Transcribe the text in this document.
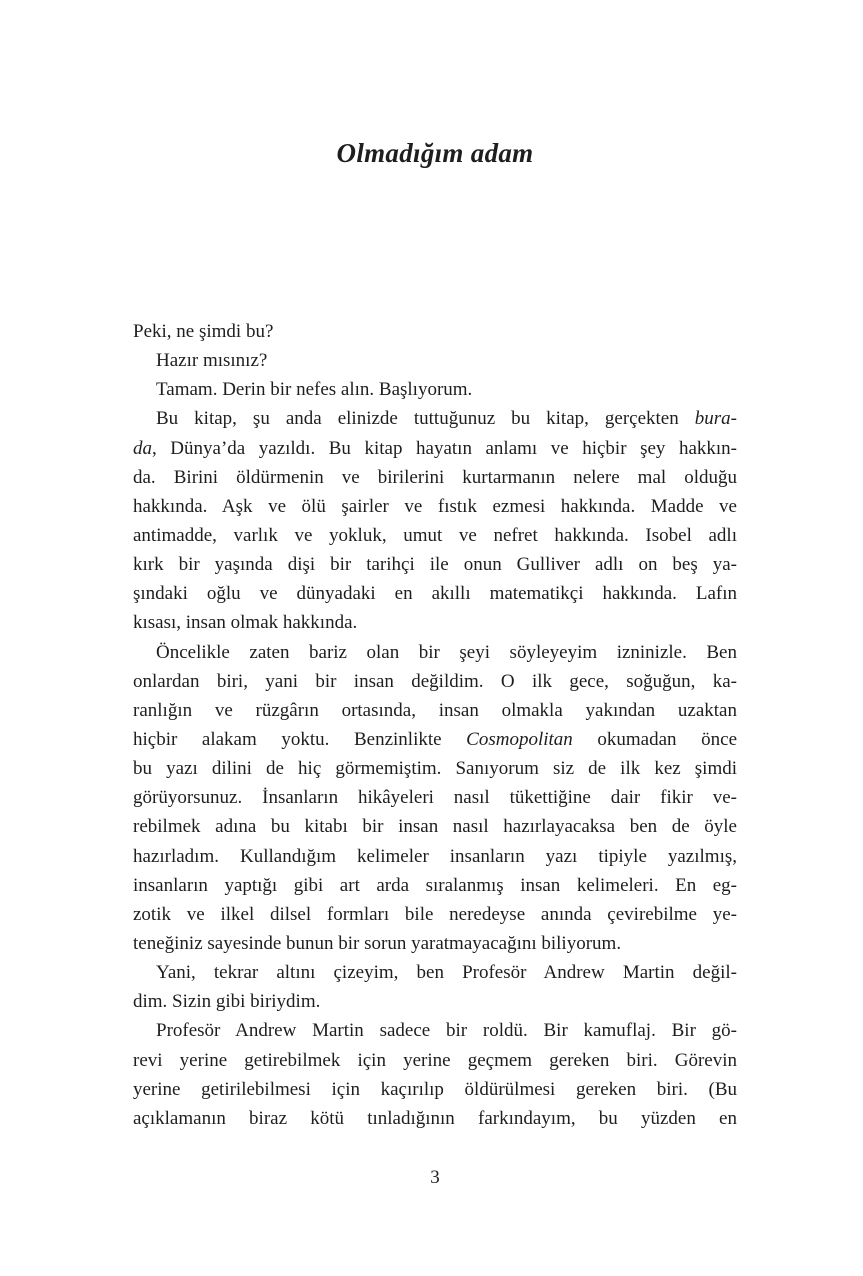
Olmadığım adam
Peki, ne şimdi bu?
Hazır mısınız?
Tamam. Derin bir nefes alın. Başlıyorum.
Bu kitap, şu anda elinizde tuttuğunuz bu kitap, gerçekten bura-
da, Dünya’da yazıldı. Bu kitap hayatın anlamı ve hiçbir şey hakkın-
da. Birini öldürmenin ve birilerini kurtarmanın nelere mal olduğu
hakkında. Aşk ve ölü şairler ve fıstık ezmesi hakkında. Madde ve
antimadde, varlık ve yokluk, umut ve nefret hakkında. Isobel adlı
kırk bir yaşında dişi bir tarihçi ile onun Gulliver adlı on beş ya-
şındaki oğlu ve dünyadaki en akıllı matematikçi hakkında. Lafın
kısası, insan olmak hakkında.
Öncelikle zaten bariz olan bir şeyi söyleyeyim izninizle. Ben
onlardan biri, yani bir insan değildim. O ilk gece, soğuğun, ka-
ranlığın ve rüzgârın ortasında, insan olmakla yakından uzaktan
hiçbir alakam yoktu. Benzinlikte Cosmopolitan okumadan önce
bu yazı dilini de hiç görmemiştim. Sanıyorum siz de ilk kez şimdi
görüyorsunuz. İnsanların hikâyeleri nasıl tükettiğine dair fikir ve-
rebilmek adına bu kitabı bir insan nasıl hazırlayacaksa ben de öyle
hazırladım. Kullandığım kelimeler insanların yazı tipiyle yazılmış,
insanların yaptığı gibi art arda sıralanmış insan kelimeleri. En eg-
zotik ve ilkel dilsel formları bile neredeyse anında çevirebilme ye-
teneğiniz sayesinde bunun bir sorun yaratmayacağını biliyorum.
Yani, tekrar altını çizeyim, ben Profesör Andrew Martin değil-
dim. Sizin gibi biriydim.
Profesör Andrew Martin sadece bir roldü. Bir kamuflaj. Bir gö-
revi yerine getirebilmek için yerine geçmem gereken biri. Görevin
yerine getirilebilmesi için kaçırılıp öldürülmesi gereken biri. (Bu
açıklamanın biraz kötü tınladığının farkındayım, bu yüzden en
3
